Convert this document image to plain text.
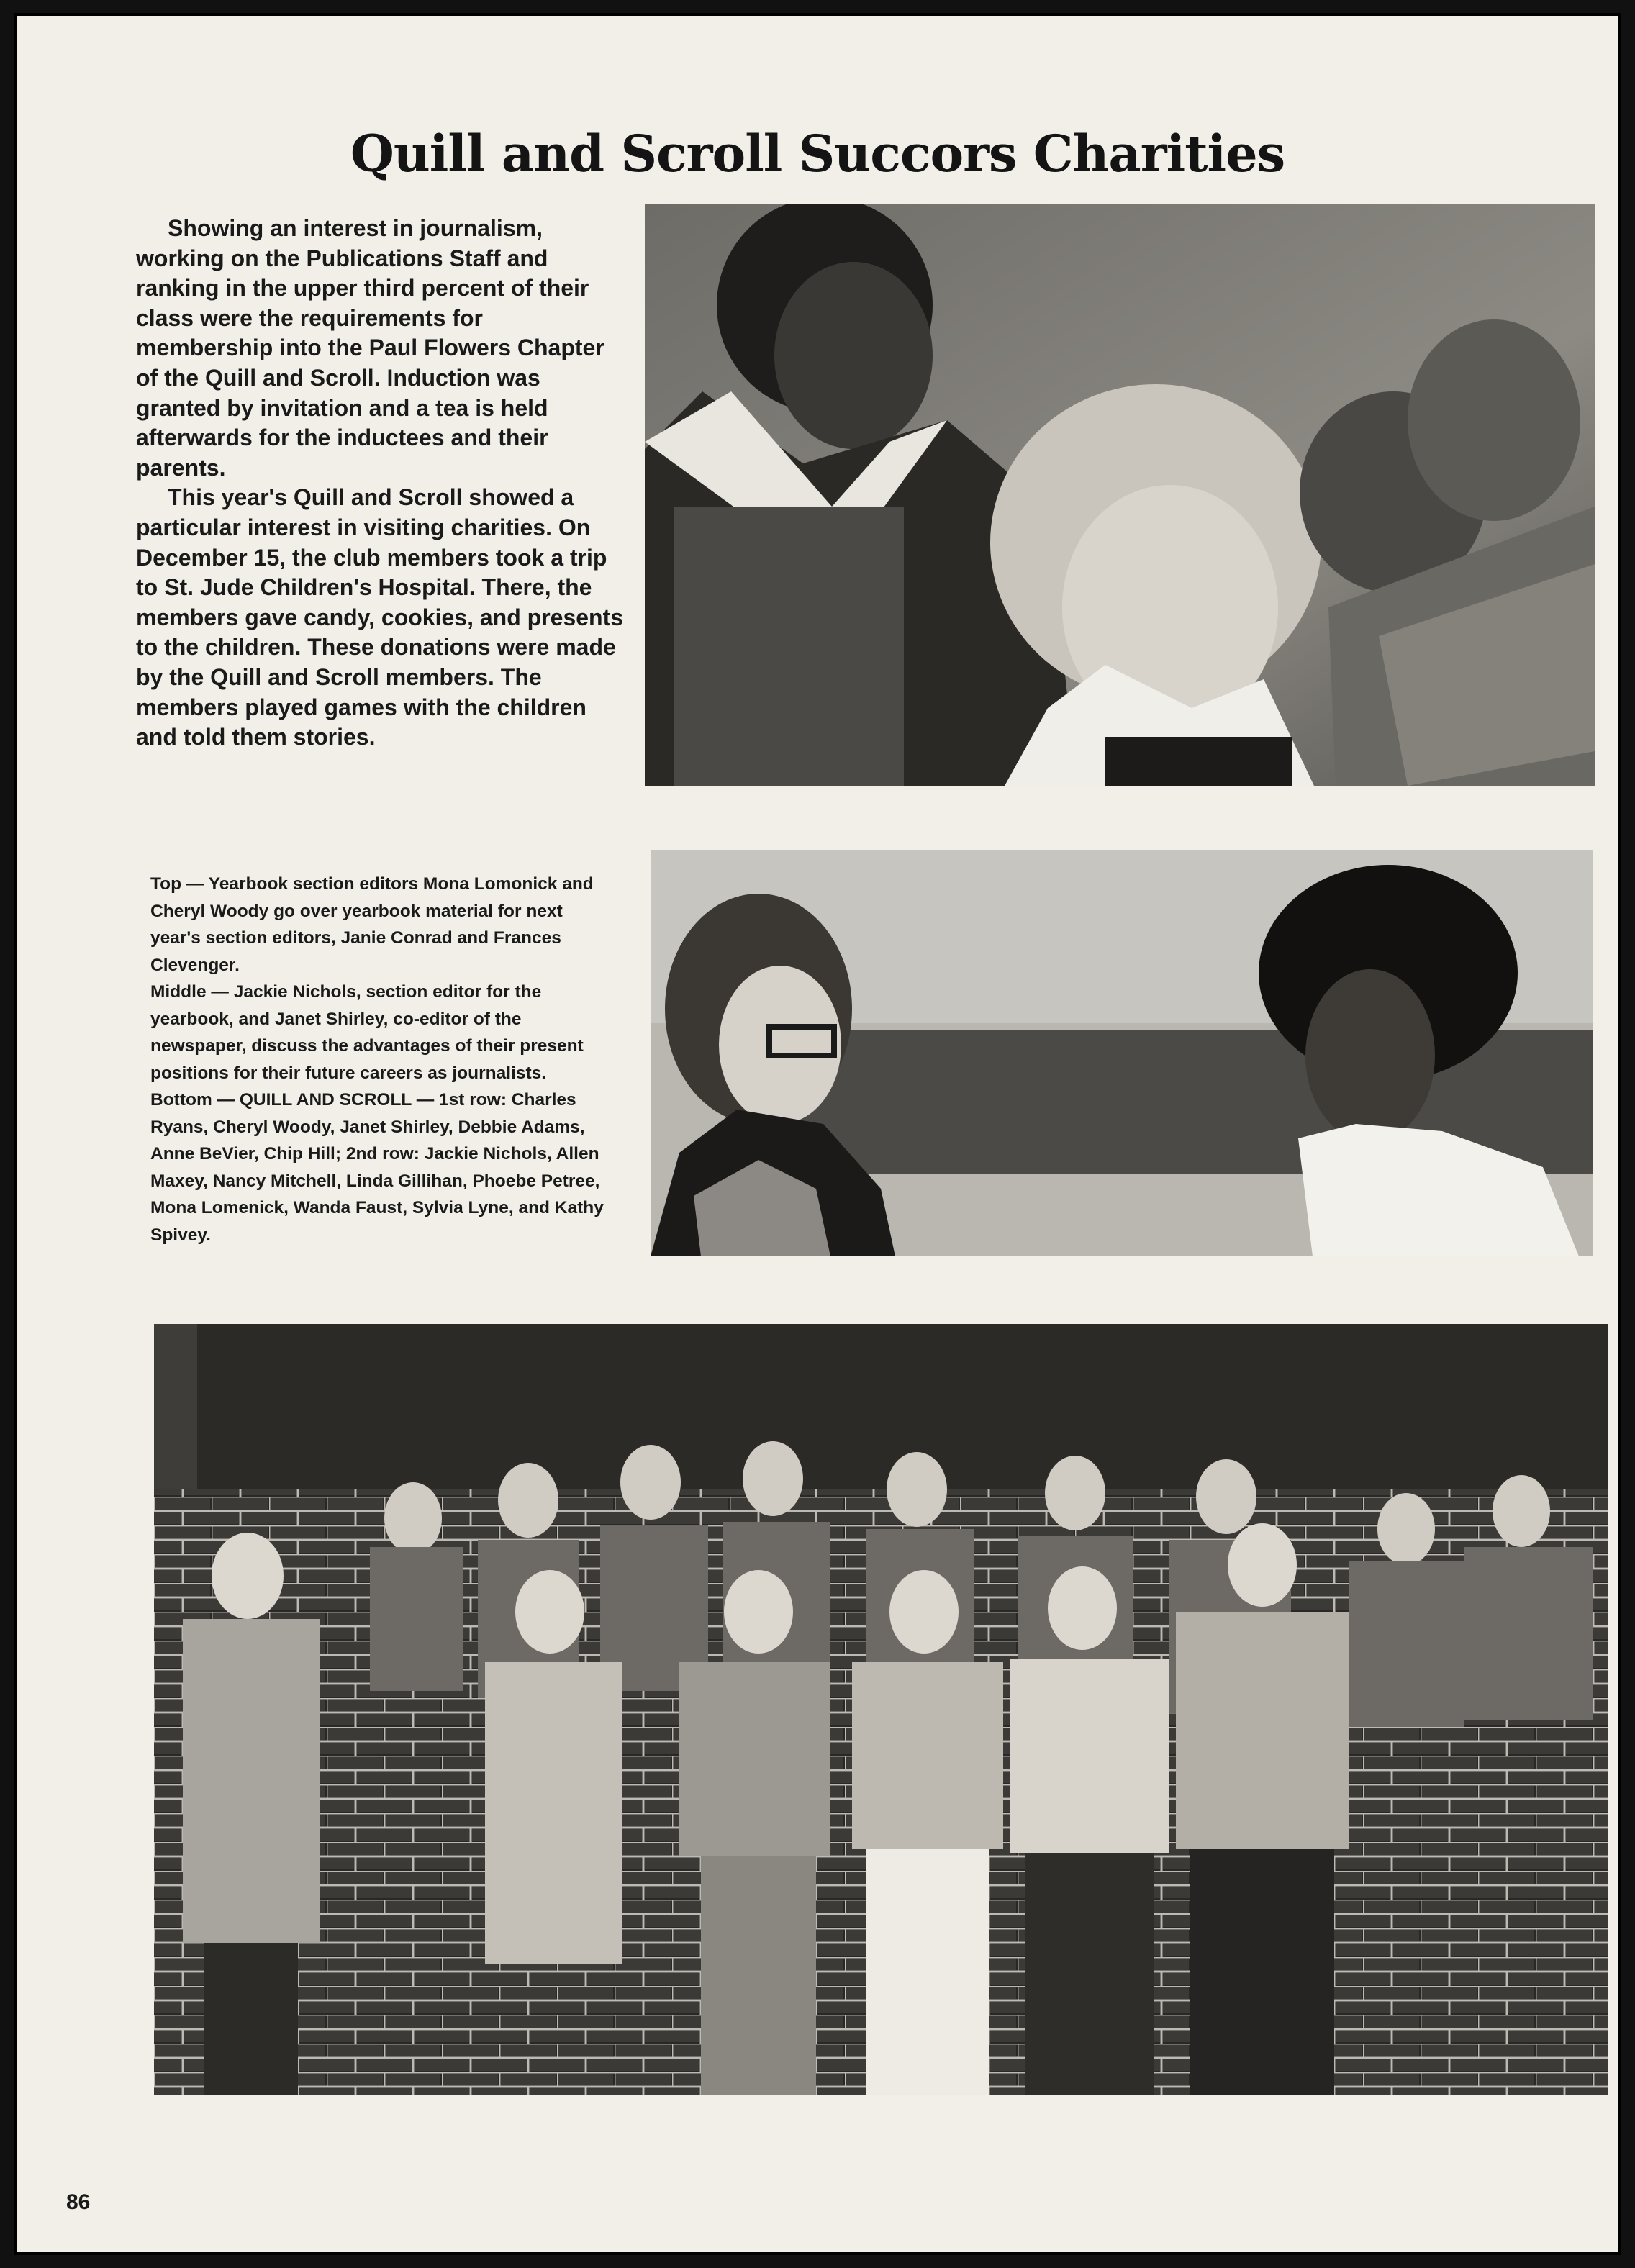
Quill and Scroll Succors Charities

Showing an interest in journalism, working on the Publications Staff and ranking in the upper third percent of their class were the requirements for membership into the Paul Flowers Chapter of the Quill and Scroll. Induction was granted by invitation and a tea is held afterwards for the inductees and their parents.

This year's Quill and Scroll showed a particular interest in visiting charities. On December 15, the club members took a trip to St. Jude Children's Hospital. There, the members gave candy, cookies, and presents to the children. These donations were made by the Quill and Scroll members. The members played games with the children and told them stories.

Top — Yearbook section editors Mona Lomonick and Cheryl Woody go over yearbook material for next year's section editors, Janie Conrad and Frances Clevenger.

Middle — Jackie Nichols, section editor for the yearbook, and Janet Shirley, co-editor of the newspaper, discuss the advantages of their present positions for their future careers as journalists.

Bottom — QUILL AND SCROLL — 1st row: Charles Ryans, Cheryl Woody, Janet Shirley, Debbie Adams, Anne BeVier, Chip Hill; 2nd row: Jackie Nichols, Allen Maxey, Nancy Mitchell, Linda Gillihan, Phoebe Petree, Mona Lomenick, Wanda Faust, Sylvia Lyne, and Kathy Spivey.

86
